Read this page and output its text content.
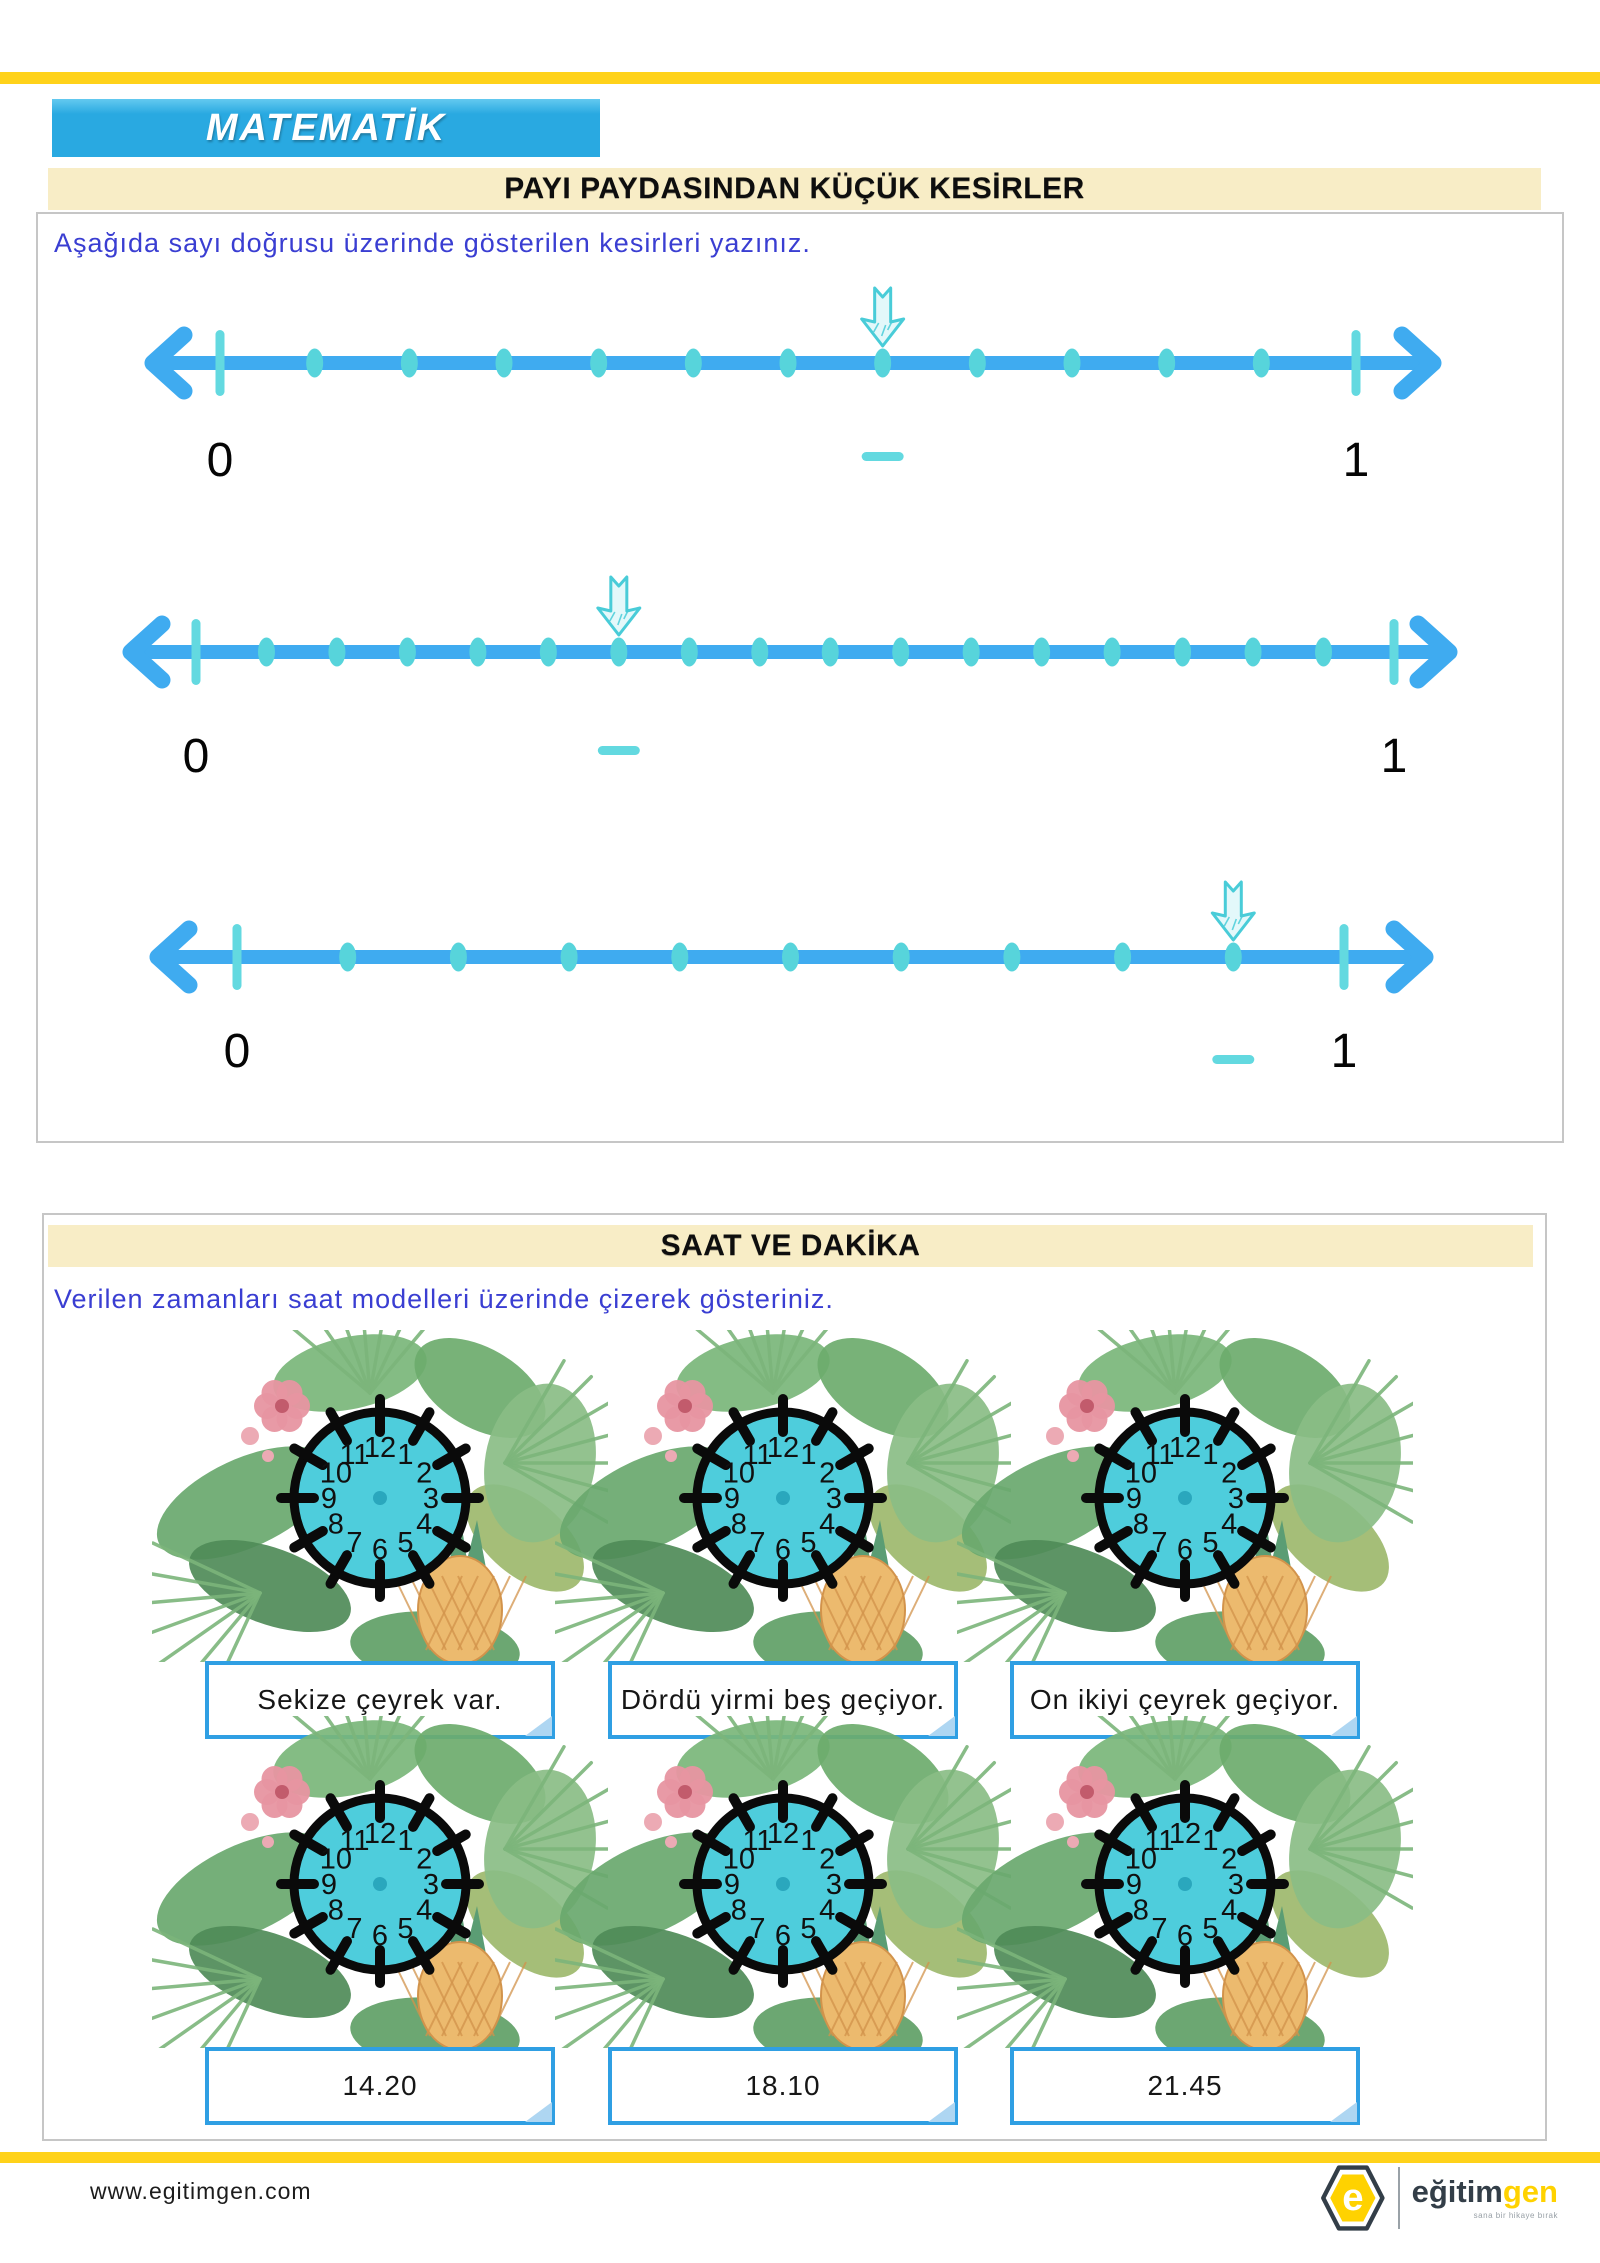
MATEMATİK
PAYI PAYDASINDAN KÜÇÜK KESİRLER
Aşağıda sayı doğrusu üzerinde gösterilen kesirleri yazınız.
0	1
0	1
0	1
SAAT VE DAKİKA
Verilen zamanları saat modelleri üzerinde çizerek gösteriniz.
12 1
2
3
4
5
6
7
8
9
10
11
Sekize çeyrek var.
12 1
2
3
4
5
6
7
8
9
10
11
Dördü yirmi beş geçiyor.
12 1
2
3
4
5
6
7
8
9
10
11
On ikiyi çeyrek geçiyor.
12 1
2
3
4
5
6
7
8
9
10
11
14.20
12 1
2
3
4
5
6
7
8
9
10
11
18.10
12 1
2
3
4
5
6
7
8
9
10
11
21.45
www.egitimgen.com	e eğitimgen
sana bir hikaye bırak
